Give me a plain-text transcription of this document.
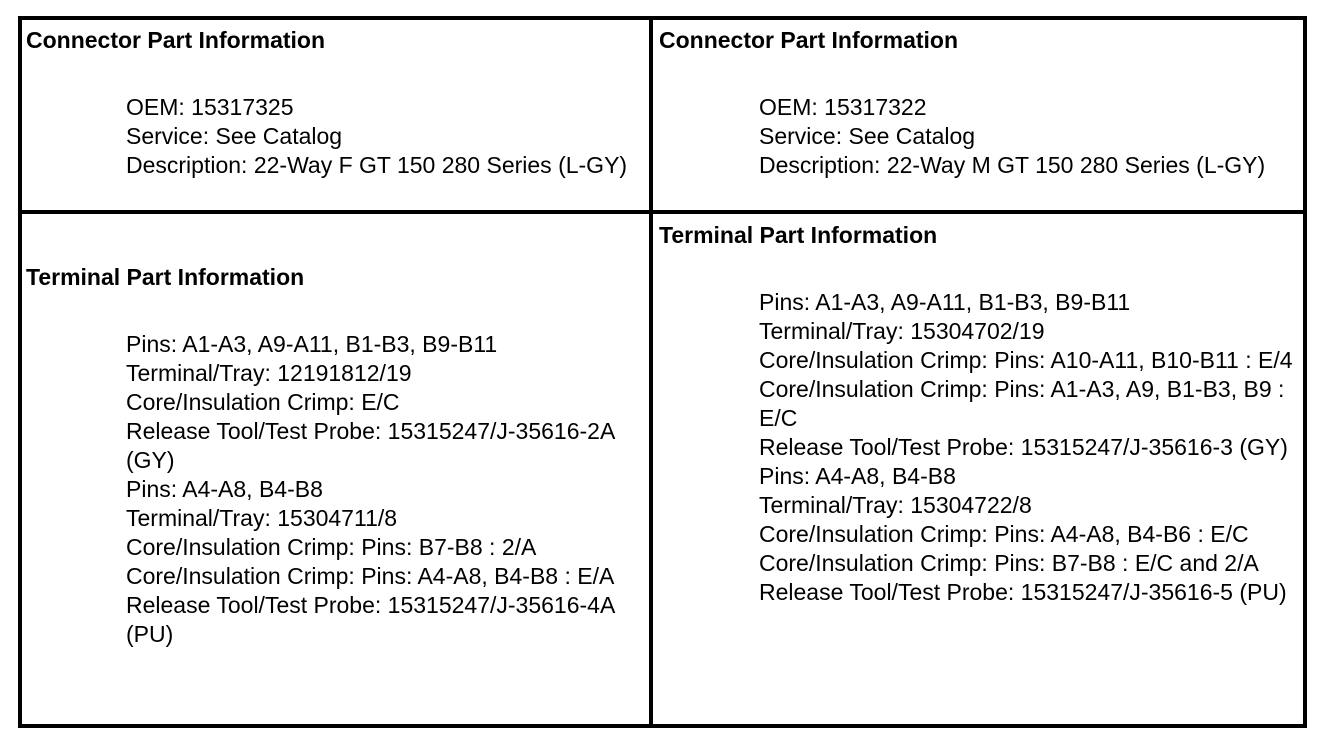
Connector Part Information
OEM: 15317325
Service: See Catalog
Description: 22-Way F GT 150 280 Series (L-GY)
Connector Part Information
OEM: 15317322
Service: See Catalog
Description: 22-Way M GT 150 280 Series (L-GY)
Terminal Part Information
Pins: A1-A3, A9-A11, B1-B3, B9-B11
Terminal/Tray: 12191812/19
Core/Insulation Crimp: E/C
Release Tool/Test Probe: 15315247/J-35616-2A (GY)
Pins: A4-A8, B4-B8
Terminal/Tray: 15304711/8
Core/Insulation Crimp: Pins: B7-B8 : 2/A
Core/Insulation Crimp: Pins: A4-A8, B4-B8 : E/A
Release Tool/Test Probe: 15315247/J-35616-4A (PU)
Terminal Part Information
Pins: A1-A3, A9-A11, B1-B3, B9-B11
Terminal/Tray: 15304702/19
Core/Insulation Crimp: Pins: A10-A11, B10-B11 : E/4
Core/Insulation Crimp: Pins: A1-A3, A9, B1-B3, B9 : E/C
Release Tool/Test Probe: 15315247/J-35616-3 (GY)
Pins: A4-A8, B4-B8
Terminal/Tray: 15304722/8
Core/Insulation Crimp: Pins: A4-A8, B4-B6 : E/C
Core/Insulation Crimp: Pins: B7-B8 : E/C and 2/A
Release Tool/Test Probe: 15315247/J-35616-5 (PU)
